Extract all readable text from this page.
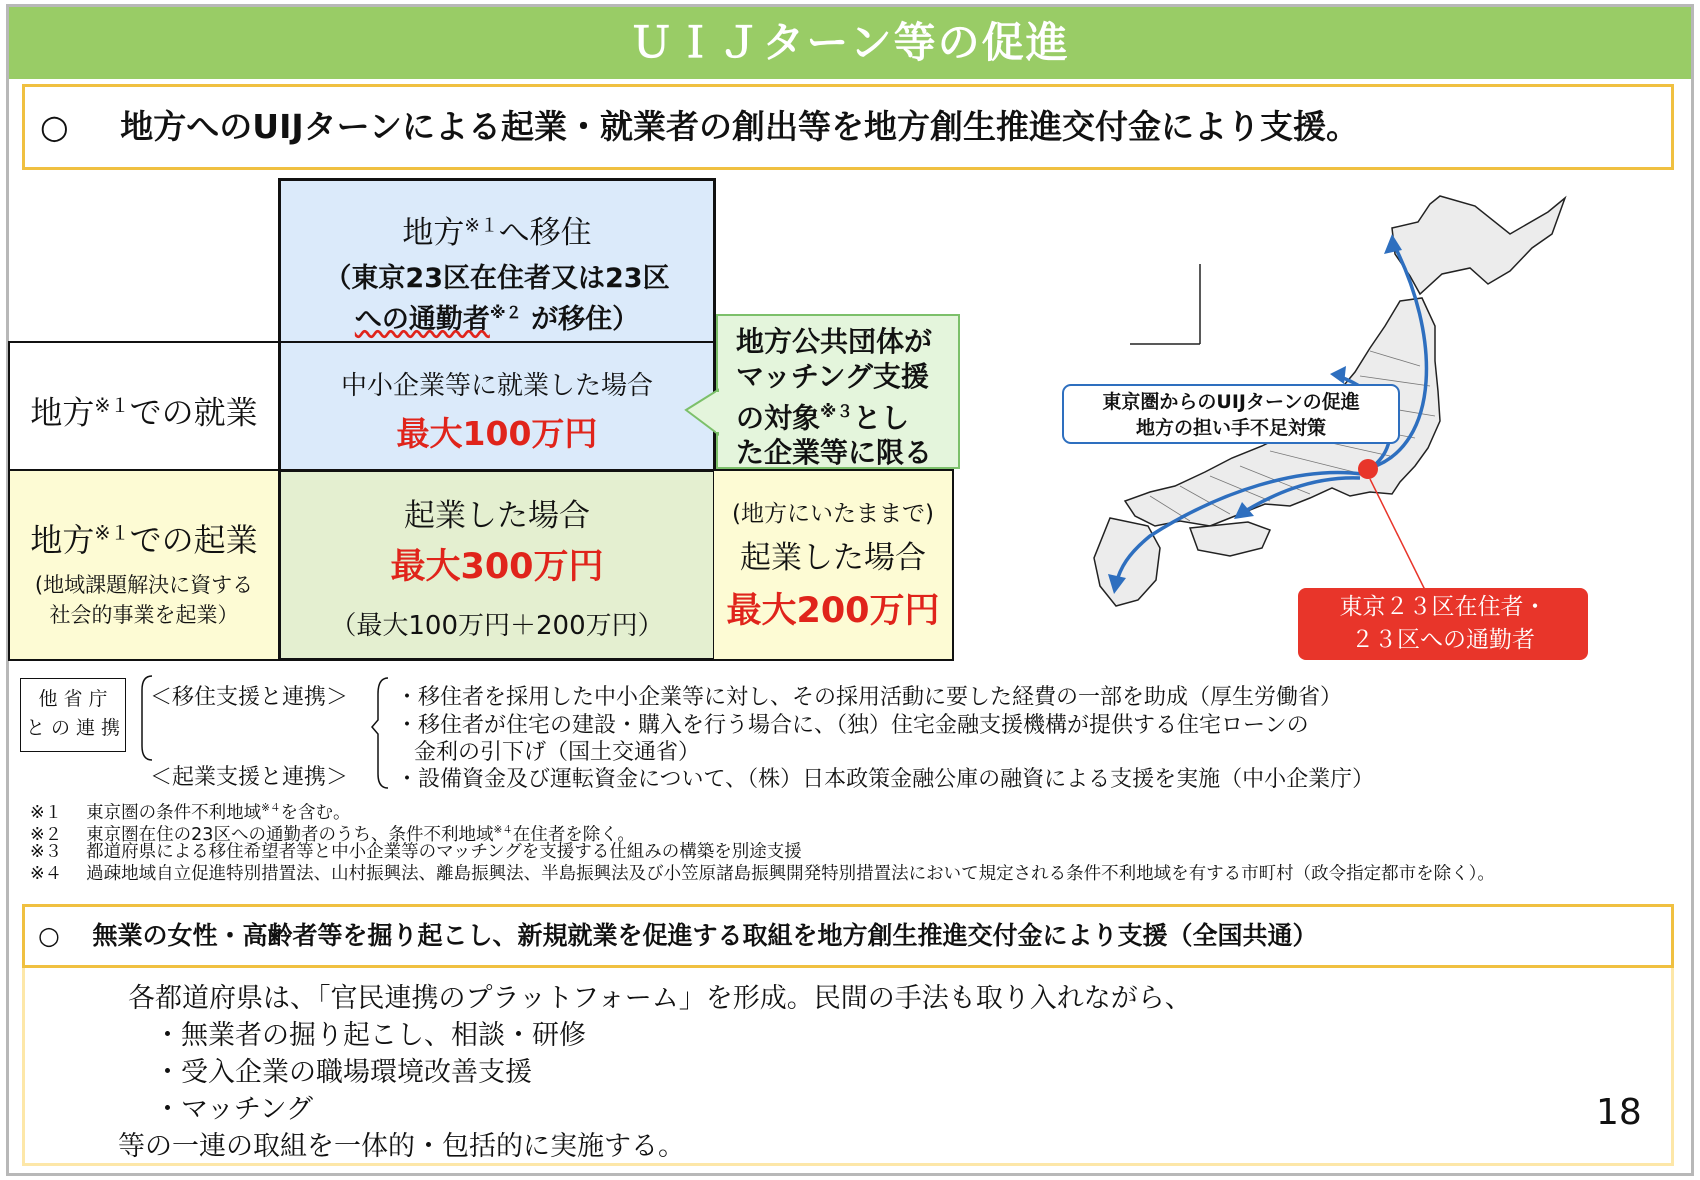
ＵＩＪターン等の促進
○ 地方へのUIJターンによる起業・就業者の創出等を地方創生推進交付金により支援。
地方$^{※1}$へ移住
（東京23区在住者又は23区
への通勤者$^{※2}$ が移住）
地方$^{※1}$での就業
中小企業等に就業した場合
最大100万円
地方$^{※1}$での起業
(地域課題解決に資する
社会的事業を起業）
起業した場合
最大300万円
（最大100万円＋200万円）
(地方にいたままで)
起業した場合
最大200万円
地方公共団体が
マッチング支援
の対象$^{※3}$とし
た企業等に限る
東京圏からのUIJターンの促進
地方の担い手不足対策
東京２３区在住者・
２３区への通勤者
他 省 庁
と の 連 携
＜移住支援と連携＞
＜起業支援と連携＞
・移住者を採用した中小企業等に対し、その採用活動に要した経費の一部を助成（厚生労働省）
・移住者が住宅の建設・購入を行う場合に、（独）住宅金融支援機構が提供する住宅ローンの
金利の引下げ（国土交通省）
・設備資金及び運転資金について、（株）日本政策金融公庫の融資による支援を実施（中小企業庁）
※１ 東京圏の条件不利地域$^{※4}$を含む。
※２ 東京圏在住の23区への通勤者のうち、条件不利地域$^{※4}$在住者を除く。
※３ 都道府県による移住希望者等と中小企業等のマッチングを支援する仕組みの構築を別途支援
※４ 過疎地域自立促進特別措置法、山村振興法、離島振興法、半島振興法及び小笠原諸島振興開発特別措置法において規定される条件不利地域を有する市町村（政令指定都市を除く）。
○ 無業の女性・高齢者等を掘り起こし、新規就業を促進する取組を地方創生推進交付金により支援（全国共通）
各都道府県は、「官民連携のプラットフォーム」を形成。民間の手法も取り入れながら、
・無業者の掘り起こし、相談・研修
・受入企業の職場環境改善支援
・マッチング
等の一連の取組を一体的・包括的に実施する。
18
